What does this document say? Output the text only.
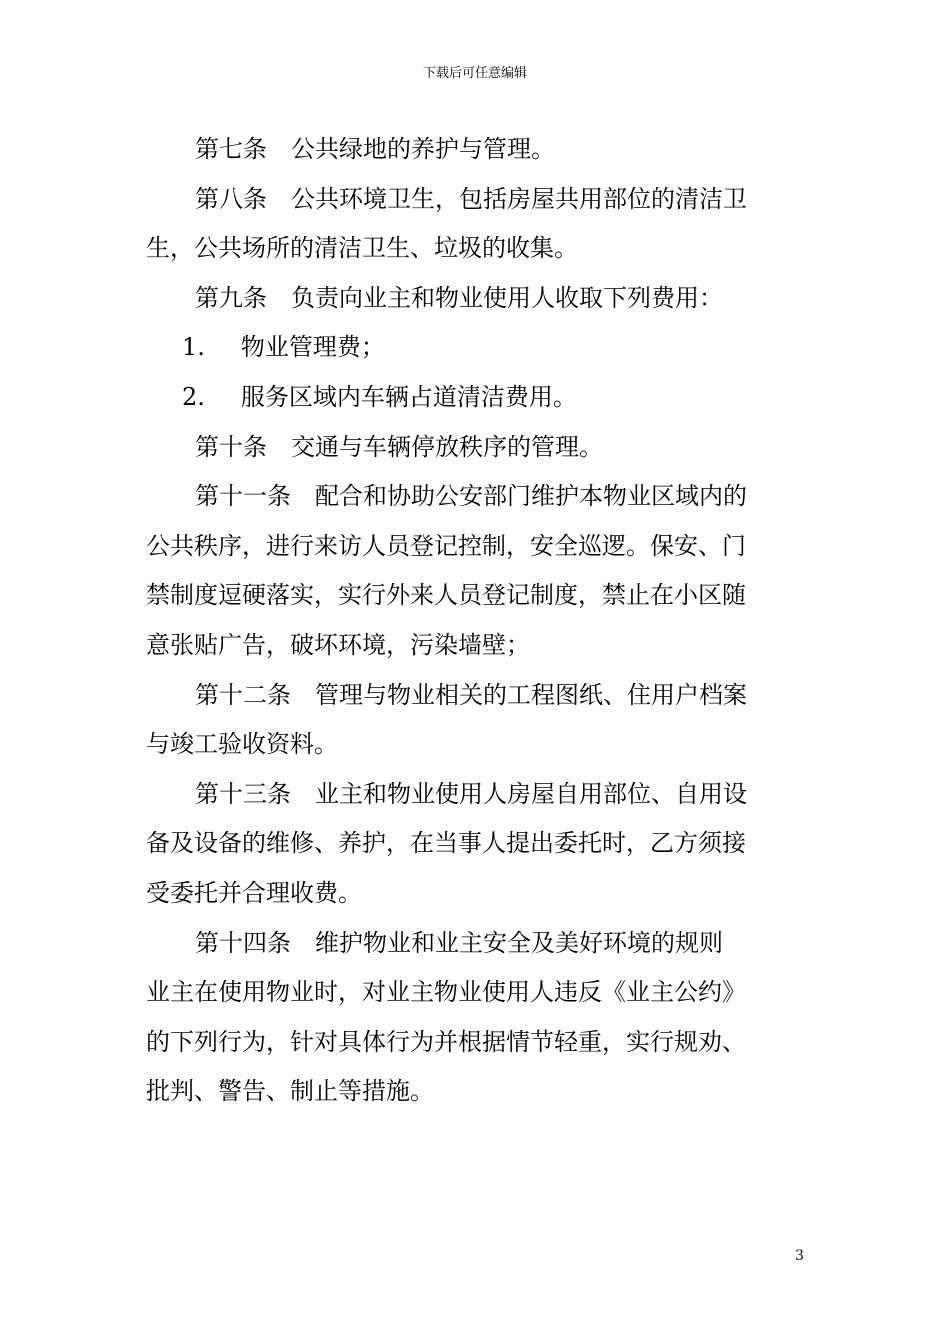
下载后可任意编辑
第七条 公共绿地的养护与管理。
第八条 公共环境卫生，包括房屋共用部位的清洁卫
生，公共场所的清洁卫生、垃圾的收集。
第九条 负责向业主和物业使用人收取下列费用：
1. 物业管理费；
2. 服务区域内车辆占道清洁费用。
第十条 交通与车辆停放秩序的管理。
第十一条 配合和协助公安部门维护本物业区域内的
公共秩序，进行来访人员登记控制，安全巡逻。保安、门
禁制度逗硬落实，实行外来人员登记制度，禁止在小区随
意张贴广告，破坏环境，污染墙壁；
第十二条 管理与物业相关的工程图纸、住用户档案
与竣工验收资料。
第十三条 业主和物业使用人房屋自用部位、自用设
备及设备的维修、养护，在当事人提出委托时，乙方须接
受委托并合理收费。
第十四条 维护物业和业主安全及美好环境的规则
业主在使用物业时，对业主物业使用人违反《业主公约》
的下列行为，针对具体行为并根据情节轻重，实行规劝、
批判、警告、制止等措施。
3
